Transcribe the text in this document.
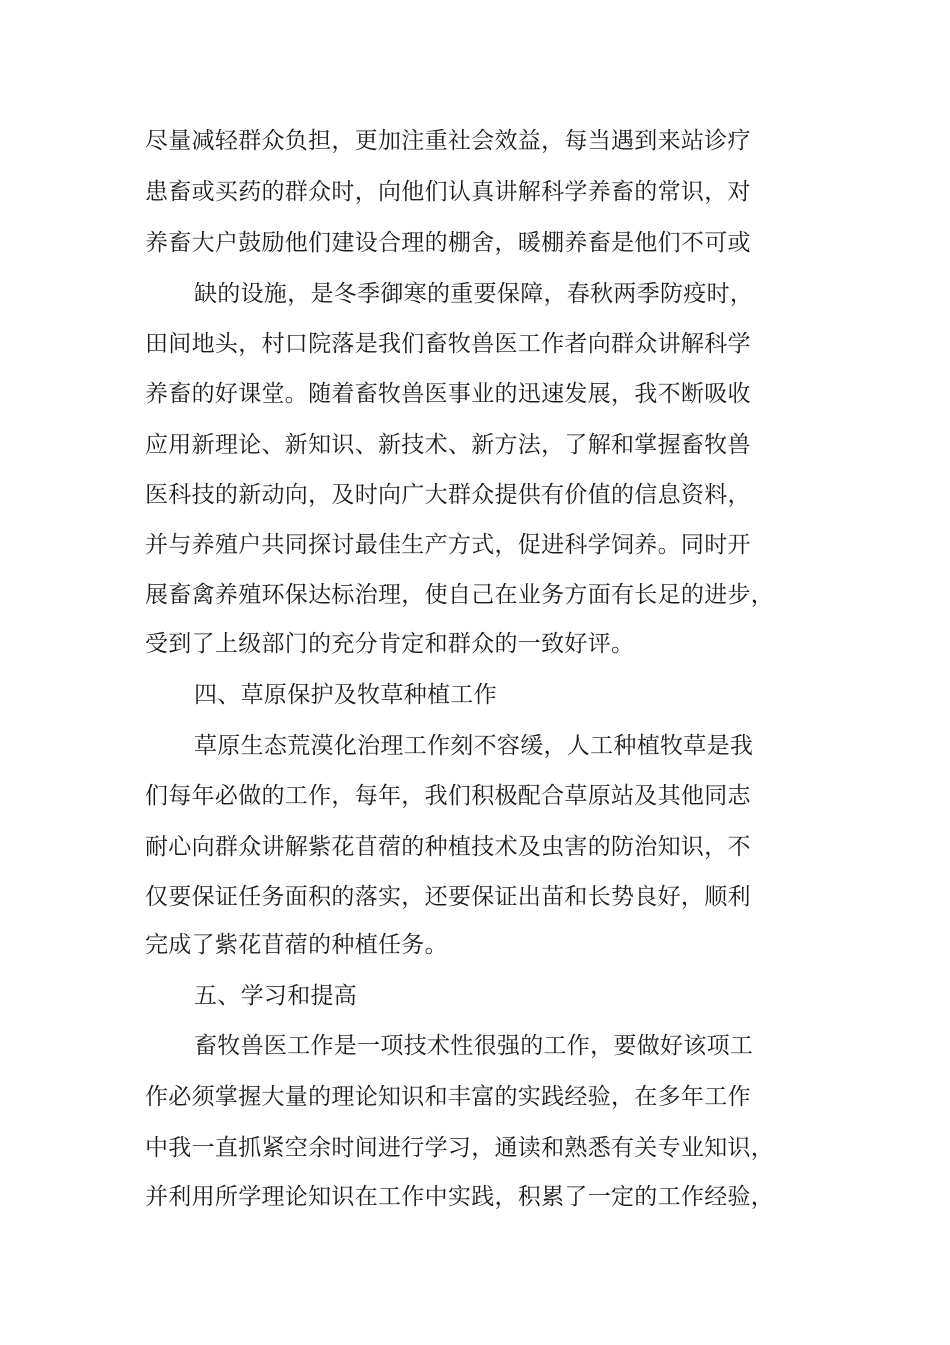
尽量减轻群众负担，更加注重社会效益，每当遇到来站诊疗
患畜或买药的群众时，向他们认真讲解科学养畜的常识，对
养畜大户鼓励他们建设合理的棚舍，暖棚养畜是他们不可或
缺的设施，是冬季御寒的重要保障，春秋两季防疫时，
田间地头，村口院落是我们畜牧兽医工作者向群众讲解科学
养畜的好课堂。随着畜牧兽医事业的迅速发展，我不断吸收
应用新理论、新知识、新技术、新方法，了解和掌握畜牧兽
医科技的新动向，及时向广大群众提供有价值的信息资料，
并与养殖户共同探讨最佳生产方式，促进科学饲养。同时开
展畜禽养殖环保达标治理，使自己在业务方面有长足的进步，
受到了上级部门的充分肯定和群众的一致好评。
四、草原保护及牧草种植工作
草原生态荒漠化治理工作刻不容缓，人工种植牧草是我
们每年必做的工作，每年，我们积极配合草原站及其他同志
耐心向群众讲解紫花苜蓿的种植技术及虫害的防治知识，不
仅要保证任务面积的落实，还要保证出苗和长势良好，顺利
完成了紫花苜蓿的种植任务。
五、学习和提高
畜牧兽医工作是一项技术性很强的工作，要做好该项工
作必须掌握大量的理论知识和丰富的实践经验，在多年工作
中我一直抓紧空余时间进行学习，通读和熟悉有关专业知识，
并利用所学理论知识在工作中实践，积累了一定的工作经验，
